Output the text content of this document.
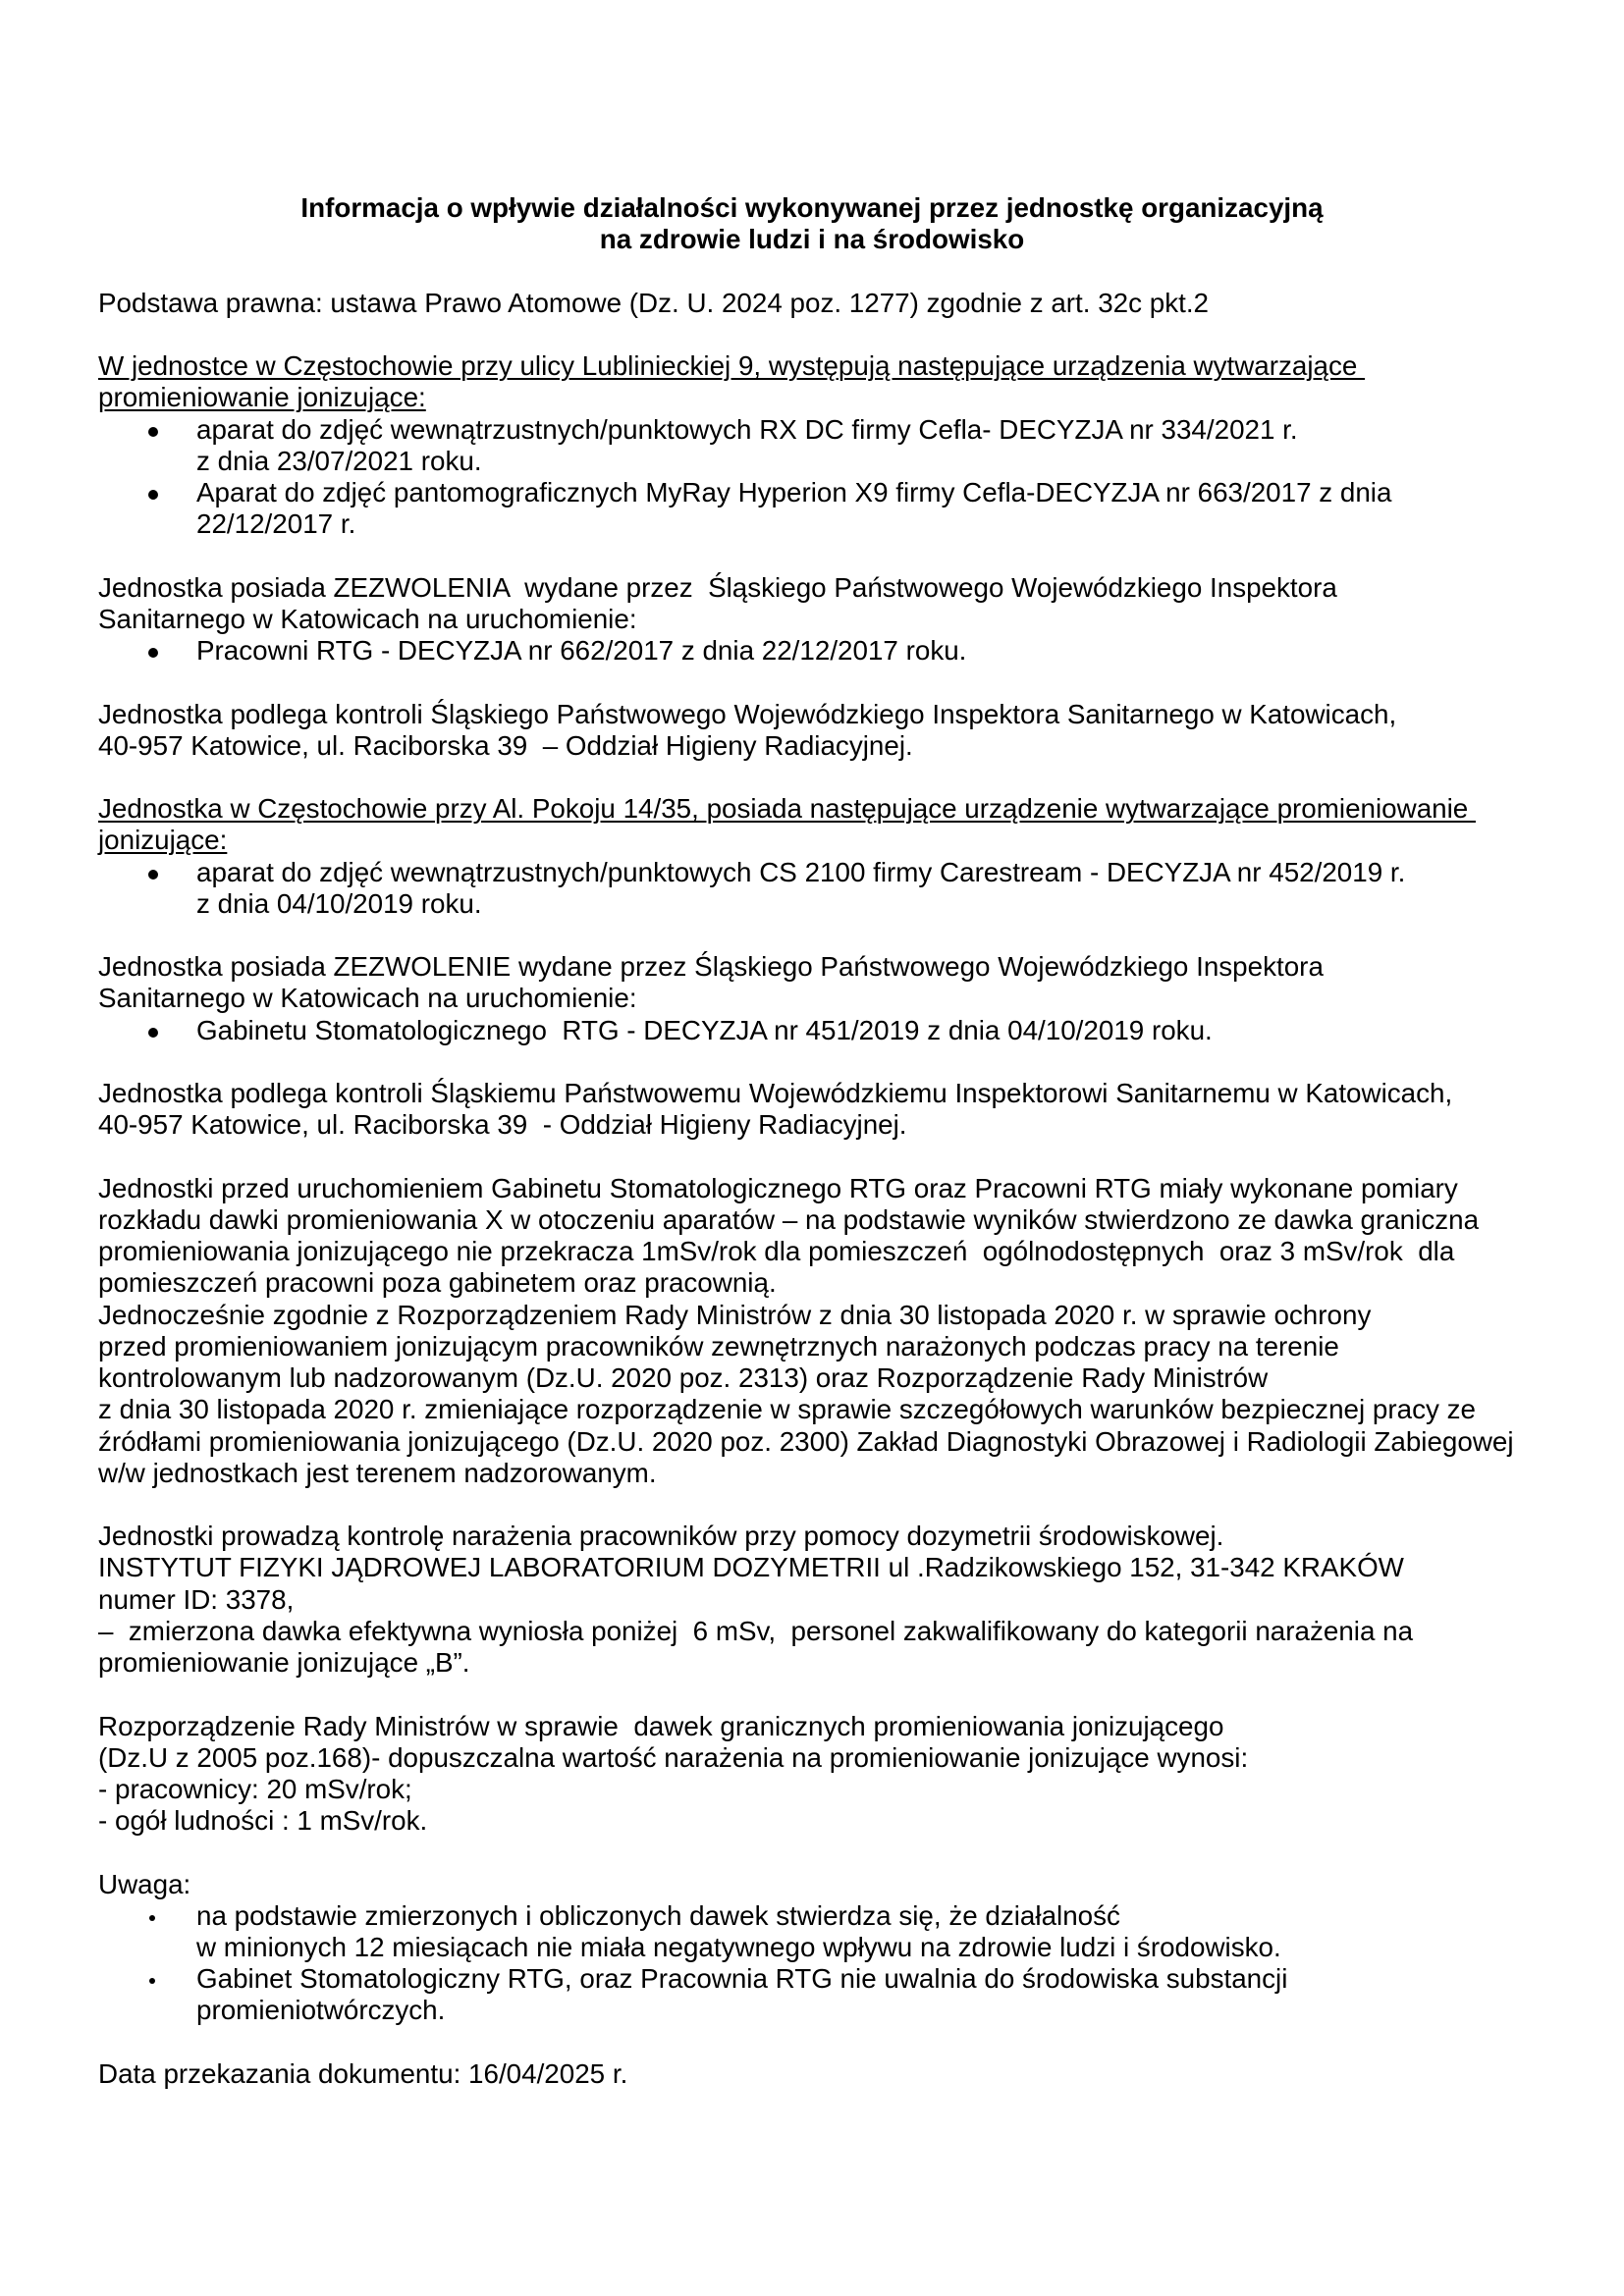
Informacja o wpływie działalności wykonywanej przez jednostkę organizacyjną
na zdrowie ludzi i na środowisko
Podstawa prawna: ustawa Prawo Atomowe (Dz. U. 2024 poz. 1277) zgodnie z art. 32c pkt.2
W jednostce w Częstochowie przy ulicy Lublinieckiej 9, występują następujące urządzenia wytwarzające
promieniowanie jonizujące:
aparat do zdjęć wewnątrzustnych/punktowych RX DC firmy Cefla- DECYZJA nr 334/2021 r.
z dnia 23/07/2021 roku.
Aparat do zdjęć pantomograficznych MyRay Hyperion X9 firmy Cefla-DECYZJA nr 663/2017 z dnia
22/12/2017 r.
Jednostka posiada ZEZWOLENIA  wydane przez  Śląskiego Państwowego Wojewódzkiego Inspektora
Sanitarnego w Katowicach na uruchomienie:
Pracowni RTG - DECYZJA nr 662/2017 z dnia 22/12/2017 roku.
Jednostka podlega kontroli Śląskiego Państwowego Wojewódzkiego Inspektora Sanitarnego w Katowicach,
40-957 Katowice, ul. Raciborska 39  – Oddział Higieny Radiacyjnej.
Jednostka w Częstochowie przy Al. Pokoju 14/35, posiada następujące urządzenie wytwarzające promieniowanie
jonizujące:
aparat do zdjęć wewnątrzustnych/punktowych CS 2100 firmy Carestream - DECYZJA nr 452/2019 r.
z dnia 04/10/2019 roku.
Jednostka posiada ZEZWOLENIE wydane przez Śląskiego Państwowego Wojewódzkiego Inspektora
Sanitarnego w Katowicach na uruchomienie:
Gabinetu Stomatologicznego  RTG - DECYZJA nr 451/2019 z dnia 04/10/2019 roku.
Jednostka podlega kontroli Śląskiemu Państwowemu Wojewódzkiemu Inspektorowi Sanitarnemu w Katowicach,
40-957 Katowice, ul. Raciborska 39  - Oddział Higieny Radiacyjnej.
Jednostki przed uruchomieniem Gabinetu Stomatologicznego RTG oraz Pracowni RTG miały wykonane pomiary
rozkładu dawki promieniowania X w otoczeniu aparatów – na podstawie wyników stwierdzono ze dawka graniczna
promieniowania jonizującego nie przekracza 1mSv/rok dla pomieszczeń  ogólnodostępnych  oraz 3 mSv/rok  dla
pomieszczeń pracowni poza gabinetem oraz pracownią.
Jednocześnie zgodnie z Rozporządzeniem Rady Ministrów z dnia 30 listopada 2020 r. w sprawie ochrony
przed promieniowaniem jonizującym pracowników zewnętrznych narażonych podczas pracy na terenie
kontrolowanym lub nadzorowanym (Dz.U. 2020 poz. 2313) oraz Rozporządzenie Rady Ministrów
z dnia 30 listopada 2020 r. zmieniające rozporządzenie w sprawie szczegółowych warunków bezpiecznej pracy ze
źródłami promieniowania jonizującego (Dz.U. 2020 poz. 2300) Zakład Diagnostyki Obrazowej i Radiologii Zabiegowej
w/w jednostkach jest terenem nadzorowanym.
Jednostki prowadzą kontrolę narażenia pracowników przy pomocy dozymetrii środowiskowej.
INSTYTUT FIZYKI JĄDROWEJ LABORATORIUM DOZYMETRII ul .Radzikowskiego 152, 31-342 KRAKÓW
numer ID: 3378,
–  zmierzona dawka efektywna wyniosła poniżej  6 mSv,  personel zakwalifikowany do kategorii narażenia na
promieniowanie jonizujące „B”.
Rozporządzenie Rady Ministrów w sprawie  dawek granicznych promieniowania jonizującego
(Dz.U z 2005 poz.168)- dopuszczalna wartość narażenia na promieniowanie jonizujące wynosi:
- pracownicy: 20 mSv/rok;
- ogół ludności : 1 mSv/rok.
Uwaga:
na podstawie zmierzonych i obliczonych dawek stwierdza się, że działalność
w minionych 12 miesiącach nie miała negatywnego wpływu na zdrowie ludzi i środowisko.
Gabinet Stomatologiczny RTG, oraz Pracownia RTG nie uwalnia do środowiska substancji
promieniotwórczych.
Data przekazania dokumentu: 16/04/2025 r.
